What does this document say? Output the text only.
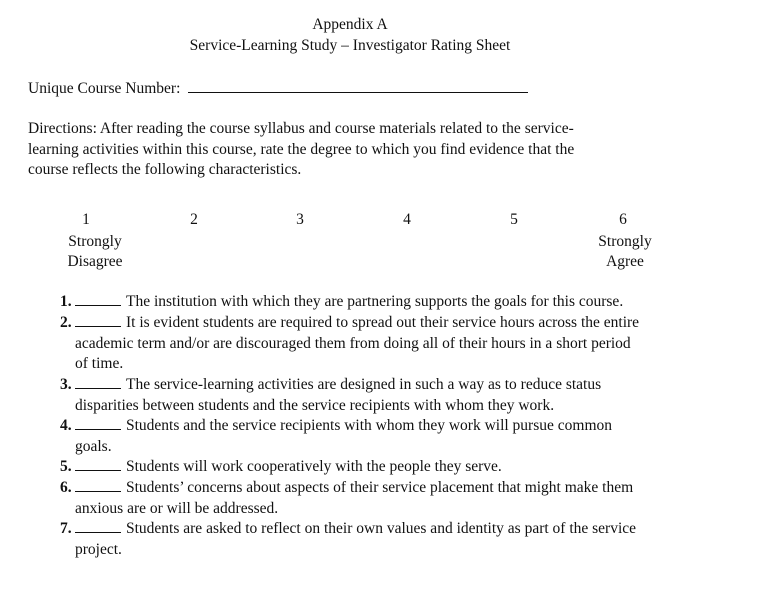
Appendix A
Service-Learning Study – Investigator Rating Sheet
Unique Course Number:
Directions: After reading the course syllabus and course materials related to the service-
learning activities within this course, rate the degree to which you find evidence that the
course reflects the following characteristics.
1	2	3	4	5	6
Strongly
Disagree
Strongly
Agree
1.	The institution with which they are partnering supports the goals for this course.
2.	It is evident students are required to spread out their service hours across the entire
academic term and/or are discouraged them from doing all of their hours in a short period
of time.
3.	The service-learning activities are designed in such a way as to reduce status
disparities between students and the service recipients with whom they work.
4.	Students and the service recipients with whom they work will pursue common
goals.
5.	Students will work cooperatively with the people they serve.
6.	Students’ concerns about aspects of their service placement that might make them
anxious are or will be addressed.
7.	Students are asked to reflect on their own values and identity as part of the service
project.
